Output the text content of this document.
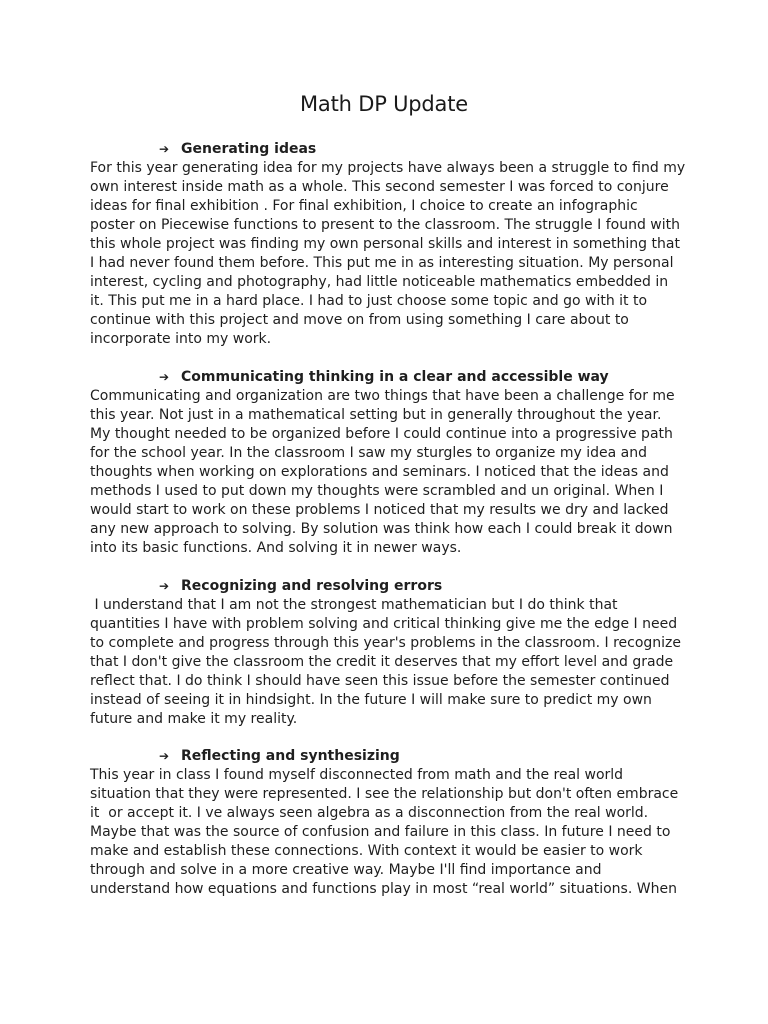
Math DP Update
➔ Generating ideas
For this year generating idea for my projects have always been a struggle to find my
own interest inside math as a whole. This second semester I was forced to conjure
ideas for final exhibition . For final exhibition, I choice to create an infographic
poster on Piecewise functions to present to the classroom. The struggle I found with
this whole project was finding my own personal skills and interest in something that
I had never found them before. This put me in as interesting situation. My personal
interest, cycling and photography, had little noticeable mathematics embedded in
it. This put me in a hard place. I had to just choose some topic and go with it to
continue with this project and move on from using something I care about to
incorporate into my work.
➔ Communicating thinking in a clear and accessible way
Communicating and organization are two things that have been a challenge for me
this year. Not just in a mathematical setting but in generally throughout the year.
My thought needed to be organized before I could continue into a progressive path
for the school year. In the classroom I saw my sturgles to organize my idea and
thoughts when working on explorations and seminars. I noticed that the ideas and
methods I used to put down my thoughts were scrambled and un original. When I
would start to work on these problems I noticed that my results we dry and lacked
any new approach to solving. By solution was think how each I could break it down
into its basic functions. And solving it in newer ways.
➔ Recognizing and resolving errors
I understand that I am not the strongest mathematician but I do think that
quantities I have with problem solving and critical thinking give me the edge I need
to complete and progress through this year's problems in the classroom. I recognize
that I don't give the classroom the credit it deserves that my effort level and grade
reflect that. I do think I should have seen this issue before the semester continued
instead of seeing it in hindsight. In the future I will make sure to predict my own
future and make it my reality.
➔ Reflecting and synthesizing
This year in class I found myself disconnected from math and the real world
situation that they were represented. I see the relationship but don't often embrace
it  or accept it. I ve always seen algebra as a disconnection from the real world.
Maybe that was the source of confusion and failure in this class. In future I need to
make and establish these connections. With context it would be easier to work
through and solve in a more creative way. Maybe I'll find importance and
understand how equations and functions play in most “real world” situations. When
